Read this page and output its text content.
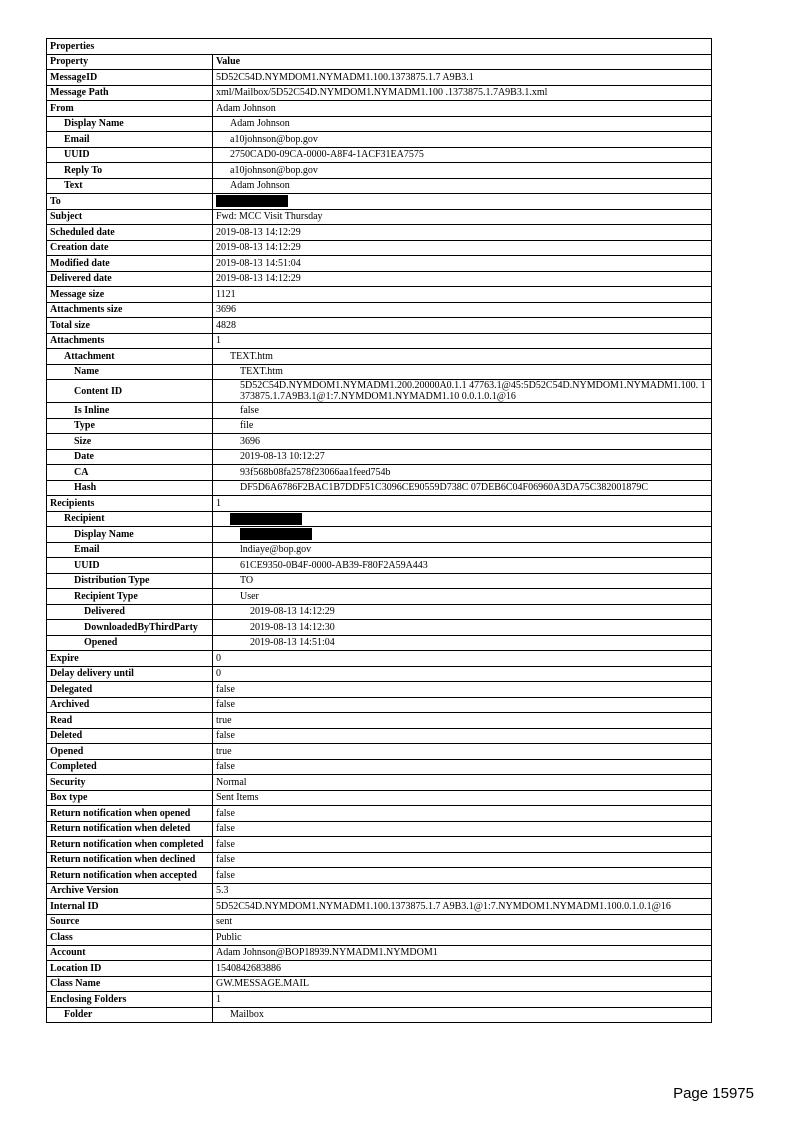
Properties	
Property	Value
MessageID	5D52C54D.NYMDOM1.NYMADM1.100.1373875.1.7 A9B3.1
Message Path	xml/Mailbox/5D52C54D.NYMDOM1.NYMADM1.100 .1373875.1.7A9B3.1.xml
From	Adam Johnson
Display Name	Adam Johnson
Email	a10johnson@bop.gov
UUID	2750CAD0-09CA-0000-A8F4-1ACF31EA7575
Reply To	a10johnson@bop.gov
Text	Adam Johnson
To	
Subject	Fwd: MCC Visit Thursday
Scheduled date	2019-08-13 14:12:29
Creation date	2019-08-13 14:12:29
Modified date	2019-08-13 14:51:04
Delivered date	2019-08-13 14:12:29
Message size	1121
Attachments size	3696
Total size	4828
Attachments	1
Attachment	TEXT.htm
Name	TEXT.htm
Content ID	5D52C54D.NYMDOM1.NYMADM1.200.20000A0.1.1 47763.1@45:5D52C54D.NYMDOM1.NYMADM1.100. 1373875.1.7A9B3.1@1:7.NYMDOM1.NYMADM1.10 0.0.1.0.1@16
Is Inline	false
Type	file
Size	3696
Date	2019-08-13 10:12:27
CA	93f568b08fa2578f23066aa1feed754b
Hash	DF5D6A6786F2BAC1B7DDF51C3096CE90559D738C 07DEB6C04F06960A3DA75C382001879C
Recipients	1
Recipient	
Display Name	
Email	lndiaye@bop.gov
UUID	61CE9350-0B4F-0000-AB39-F80F2A59A443
Distribution Type	TO
Recipient Type	User
Delivered	2019-08-13 14:12:29
DownloadedByThirdParty	2019-08-13 14:12:30
Opened	2019-08-13 14:51:04
Expire	0
Delay delivery until	0
Delegated	false
Archived	false
Read	true
Deleted	false
Opened	true
Completed	false
Security	Normal
Box type	Sent Items
Return notification when opened	false
Return notification when deleted	false
Return notification when completed	false
Return notification when declined	false
Return notification when accepted	false
Archive Version	5.3
Internal ID	5D52C54D.NYMDOM1.NYMADM1.100.1373875.1.7 A9B3.1@1:7.NYMDOM1.NYMADM1.100.0.1.0.1@16
Source	sent
Class	Public
Account	Adam Johnson@BOP18939.NYMADM1.NYMDOM1
Location ID	1540842683886
Class Name	GW.MESSAGE.MAIL
Enclosing Folders	1
Folder	Mailbox
Page 15975
